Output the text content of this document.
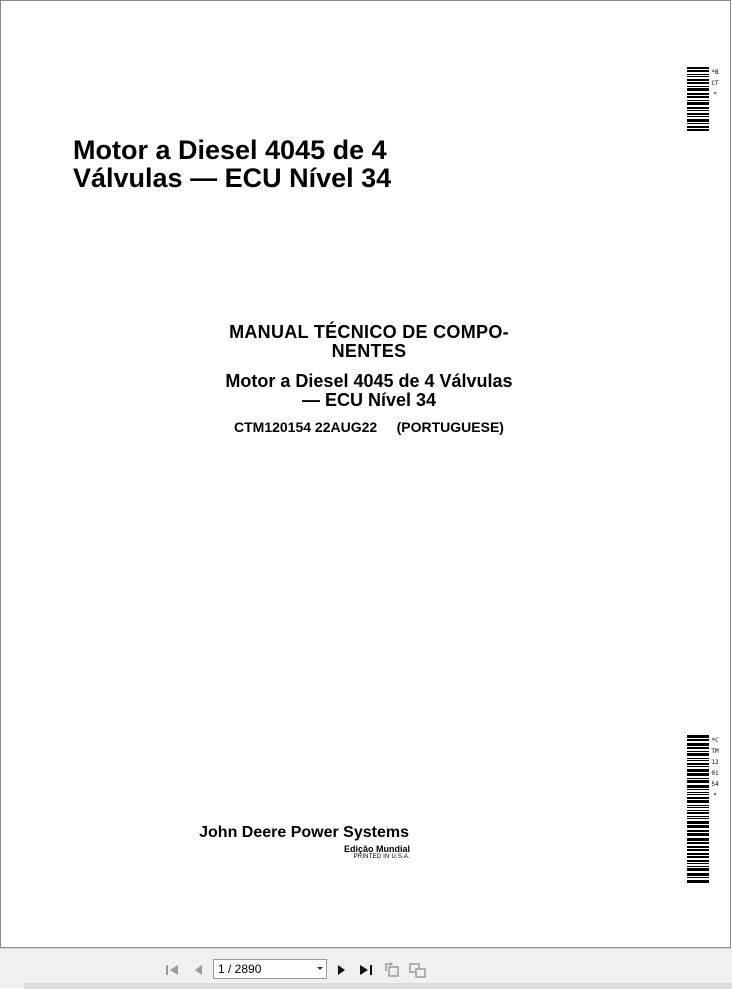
Motor a Diesel 4045 de 4
Válvulas — ECU Nível 34
MANUAL TÉCNICO DE COMPO-
NENTES
Motor a Diesel 4045 de 4 Válvulas
— ECU Nível 34
CTM120154 22AUG22     (PORTUGUESE)
John Deere Power Systems
Edição Mundial
PRINTED IN U.S.A.
*BCT*
*CTM120154*
1 / 2890
